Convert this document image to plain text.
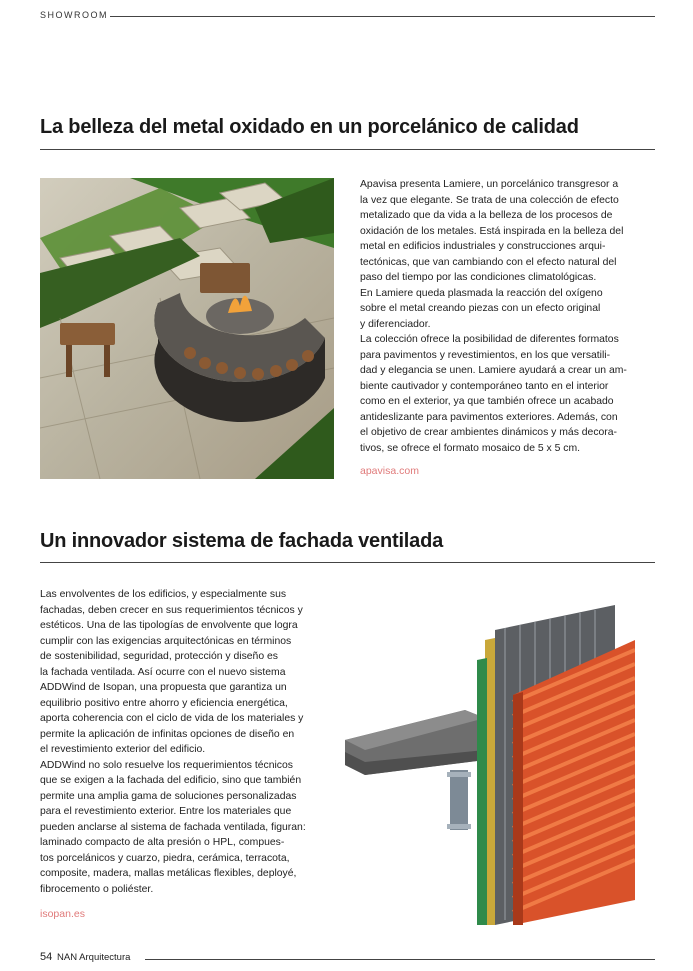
SHOWROOM
La belleza del metal oxidado en un porcelánico de calidad
Apavisa presenta Lamiere, un porcelánico transgresor a
la vez que elegante. Se trata de una colección de efecto
metalizado que da vida a la belleza de los procesos de
oxidación de los metales. Está inspirada en la belleza del
metal en edificios industriales y construcciones arqui-
tectónicas, que van cambiando con el efecto natural del
paso del tiempo por las condiciones climatológicas.
En Lamiere queda plasmada la reacción del oxígeno
sobre el metal creando piezas con un efecto original
y diferenciador.
La colección ofrece la posibilidad de diferentes formatos
para pavimentos y revestimientos, en los que versatili-
dad y elegancia se unen. Lamiere ayudará a crear un am-
biente cautivador y contemporáneo tanto en el interior
como en el exterior, ya que también ofrece un acabado
antideslizante para pavimentos exteriores. Además, con
el objetivo de crear ambientes dinámicos y más decora-
tivos, se ofrece el formato mosaico de 5 x 5 cm.
apavisa.com
Un innovador sistema de fachada ventilada
Las envolventes de los edificios, y especialmente sus
fachadas, deben crecer en sus requerimientos técnicos y
estéticos. Una de las tipologías de envolvente que logra
cumplir con las exigencias arquitectónicas en términos
de sostenibilidad, seguridad, protección y diseño es
la fachada ventilada. Así ocurre con el nuevo sistema
ADDWind de Isopan, una propuesta que garantiza un
equilibrio positivo entre ahorro y eficiencia energética,
aporta coherencia con el ciclo de vida de los materiales y
permite la aplicación de infinitas opciones de diseño en
el revestimiento exterior del edificio.
ADDWind no solo resuelve los requerimientos técnicos
que se exigen a la fachada del edificio, sino que también
permite una amplia gama de soluciones personalizadas
para el revestimiento exterior. Entre los materiales que
pueden anclarse al sistema de fachada ventilada, figuran:
laminado compacto de alta presión o HPL, compues-
tos porcelánicos y cuarzo, piedra, cerámica, terracota,
composite, madera, mallas metálicas flexibles, deployé,
fibrocemento o poliéster.
isopan.es
54 NAN Arquitectura
